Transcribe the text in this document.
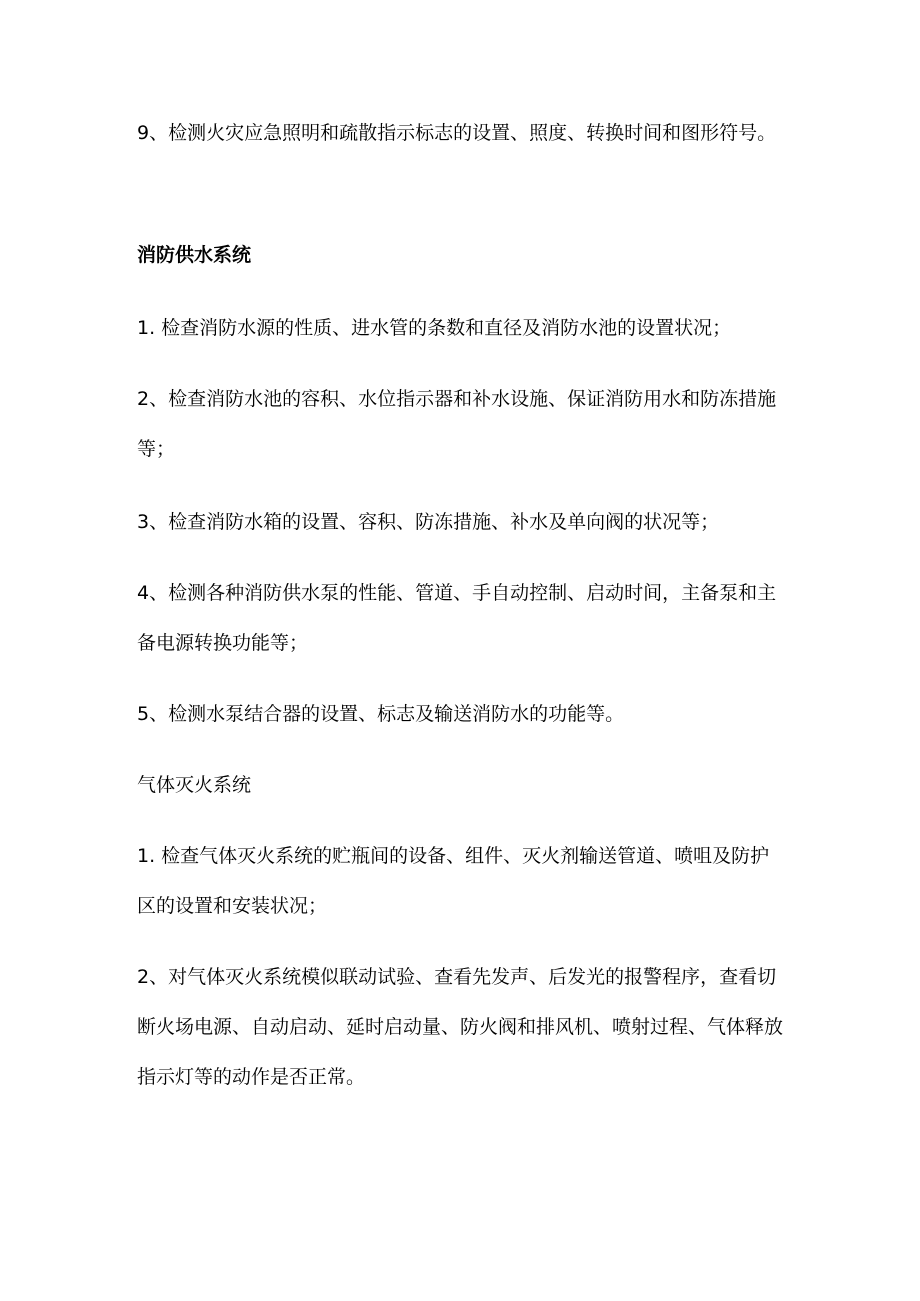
9、检测火灾应急照明和疏散指示标志的设置、照度、转换时间和图形符号。

消防供水系统

1. 检查消防水源的性质、进水管的条数和直径及消防水池的设置状况；

2、检查消防水池的容积、水位指示器和补水设施、保证消防用水和防冻措施等；

3、检查消防水箱的设置、容积、防冻措施、补水及单向阀的状况等；

4、检测各种消防供水泵的性能、管道、手自动控制、启动时间，主备泵和主备电源转换功能等；

5、检测水泵结合器的设置、标志及输送消防水的功能等。

气体灭火系统

1. 检查气体灭火系统的贮瓶间的设备、组件、灭火剂输送管道、喷咀及防护区的设置和安装状况；

2、对气体灭火系统模似联动试验、查看先发声、后发光的报警程序，查看切断火场电源、自动启动、延时启动量、防火阀和排风机、喷射过程、气体释放指示灯等的动作是否正常。
